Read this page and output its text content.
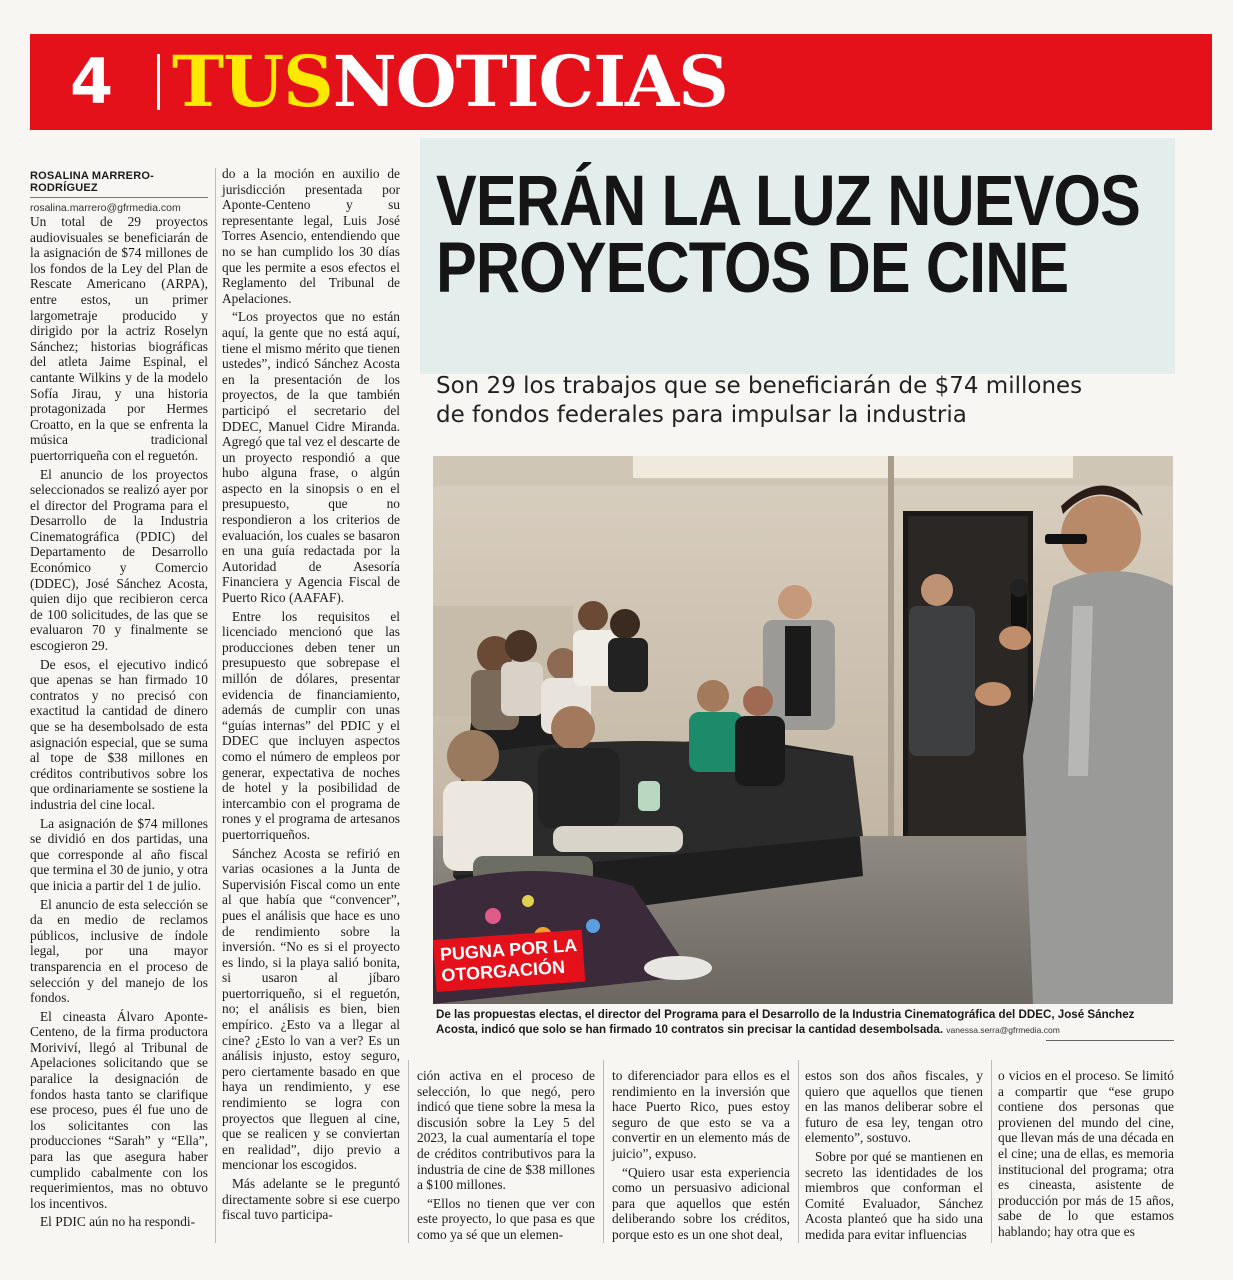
4 TUSNOTICIAS
ROSALINA MARRERO-RODRÍGUEZ
rosalina.marrero@gfrmedia.com

Un total de 29 proyectos audiovisuales se beneficiarán de la asignación de $74 millones de los fondos de la Ley del Plan de Rescate Americano (ARPA), entre estos, un primer largometraje producido y dirigido por la actriz Roselyn Sánchez; historias biográficas del atleta Jaime Espinal, el cantante Wilkins y de la modelo Sofía Jirau, y una historia protagonizada por Hermes Croatto, en la que se enfrenta la música tradicional puertorriqueña con el reguetón.

El anuncio de los proyectos seleccionados se realizó ayer por el director del Programa para el Desarrollo de la Industria Cinematográfica (PDIC) del Departamento de Desarrollo Económico y Comercio (DDEC), José Sánchez Acosta, quien dijo que recibieron cerca de 100 solicitudes, de las que se evaluaron 70 y finalmente se escogieron 29.

De esos, el ejecutivo indicó que apenas se han firmado 10 contratos y no precisó con exactitud la cantidad de dinero que se ha desembolsado de esta asignación especial, que se suma al tope de $38 millones en créditos contributivos sobre los que ordinariamente se sostiene la industria del cine local.

La asignación de $74 millones se dividió en dos partidas, una que corresponde al año fiscal que termina el 30 de junio, y otra que inicia a partir del 1 de julio.

El anuncio de esta selección se da en medio de reclamos públicos, inclusive de índole legal, por una mayor transparencia en el proceso de selección y del manejo de los fondos.

El cineasta Álvaro Aponte-Centeno, de la firma productora Moriviví, llegó al Tribunal de Apelaciones solicitando que se paralice la designación de fondos hasta tanto se clarifique ese proceso, pues él fue uno de los solicitantes con las producciones “Sarah” y “Ella”, para las que asegura haber cumplido cabalmente con los requerimientos, mas no obtuvo los incentivos.

El PDIC aún no ha respondi-

do a la moción en auxilio de jurisdicción presentada por Aponte-Centeno y su representante legal, Luis José Torres Asencio, entendiendo que no se han cumplido los 30 días que les permite a esos efectos el Reglamento del Tribunal de Apelaciones.

“Los proyectos que no están aquí, la gente que no está aquí, tiene el mismo mérito que tienen ustedes”, indicó Sánchez Acosta en la presentación de los proyectos, de la que también participó el secretario del DDEC, Manuel Cidre Miranda. Agregó que tal vez el descarte de un proyecto respondió a que hubo alguna frase, o algún aspecto en la sinopsis o en el presupuesto, que no respondieron a los criterios de evaluación, los cuales se basaron en una guía redactada por la Autoridad de Asesoría Financiera y Agencia Fiscal de Puerto Rico (AAFAF).

Entre los requisitos el licenciado mencionó que las producciones deben tener un presupuesto que sobrepase el millón de dólares, presentar evidencia de financiamiento, además de cumplir con unas “guías internas” del PDIC y el DDEC que incluyen aspectos como el número de empleos por generar, expectativa de noches de hotel y la posibilidad de intercambio con el programa de rones y el programa de artesanos puertorriqueños.

Sánchez Acosta se refirió en varias ocasiones a la Junta de Supervisión Fiscal como un ente al que había que “convencer”, pues el análisis que hace es uno de rendimiento sobre la inversión. “No es si el proyecto es lindo, si la playa salió bonita, si usaron al jíbaro puertorriqueño, si el reguetón, no; el análisis es bien, bien empírico. ¿Esto va a llegar al cine? ¿Esto lo van a ver? Es un análisis injusto, estoy seguro, pero ciertamente basado en que haya un rendimiento, y ese rendimiento se logra con proyectos que lleguen al cine, que se realicen y se conviertan en realidad”, dijo previo a mencionar los escogidos.

Más adelante se le preguntó directamente sobre si ese cuerpo fiscal tuvo participa-

VERÁN LA LUZ NUEVOS
PROYECTOS DE CINE
Son 29 los trabajos que se beneficiarán de $74 millones
de fondos federales para impulsar la industria
PUGNA POR LA
OTORGACIÓN
De las propuestas electas, el director del Programa para el Desarrollo de la Industria Cinematográfica del DDEC, José Sánchez Acosta, indicó que solo se han firmado 10 contratos sin precisar la cantidad desembolsada. vanessa.serra@gfrmedia.com

ción activa en el proceso de selección, lo que negó, pero indicó que tiene sobre la mesa la discusión sobre la Ley 5 del 2023, la cual aumentaría el tope de créditos contributivos para la industria de cine de $38 millones a $100 millones.

“Ellos no tienen que ver con este proyecto, lo que pasa es que como ya sé que un elemen-

to diferenciador para ellos es el rendimiento en la inversión que hace Puerto Rico, pues estoy seguro de que esto se va a convertir en un elemento más de juicio”, expuso.

“Quiero usar esta experiencia como un persuasivo adicional para que aquellos que estén deliberando sobre los créditos, porque esto es un one shot deal,

estos son dos años fiscales, y quiero que aquellos que tienen en las manos deliberar sobre el futuro de esa ley, tengan otro elemento”, sostuvo.

Sobre por qué se mantienen en secreto las identidades de los miembros que conforman el Comité Evaluador, Sánchez Acosta planteó que ha sido una medida para evitar influencias

o vicios en el proceso. Se limitó a compartir que “ese grupo contiene dos personas que provienen del mundo del cine, que llevan más de una década en el cine; una de ellas, es memoria institucional del programa; otra es cineasta, asistente de producción por más de 15 años, sabe de lo que estamos hablando; hay otra que es
